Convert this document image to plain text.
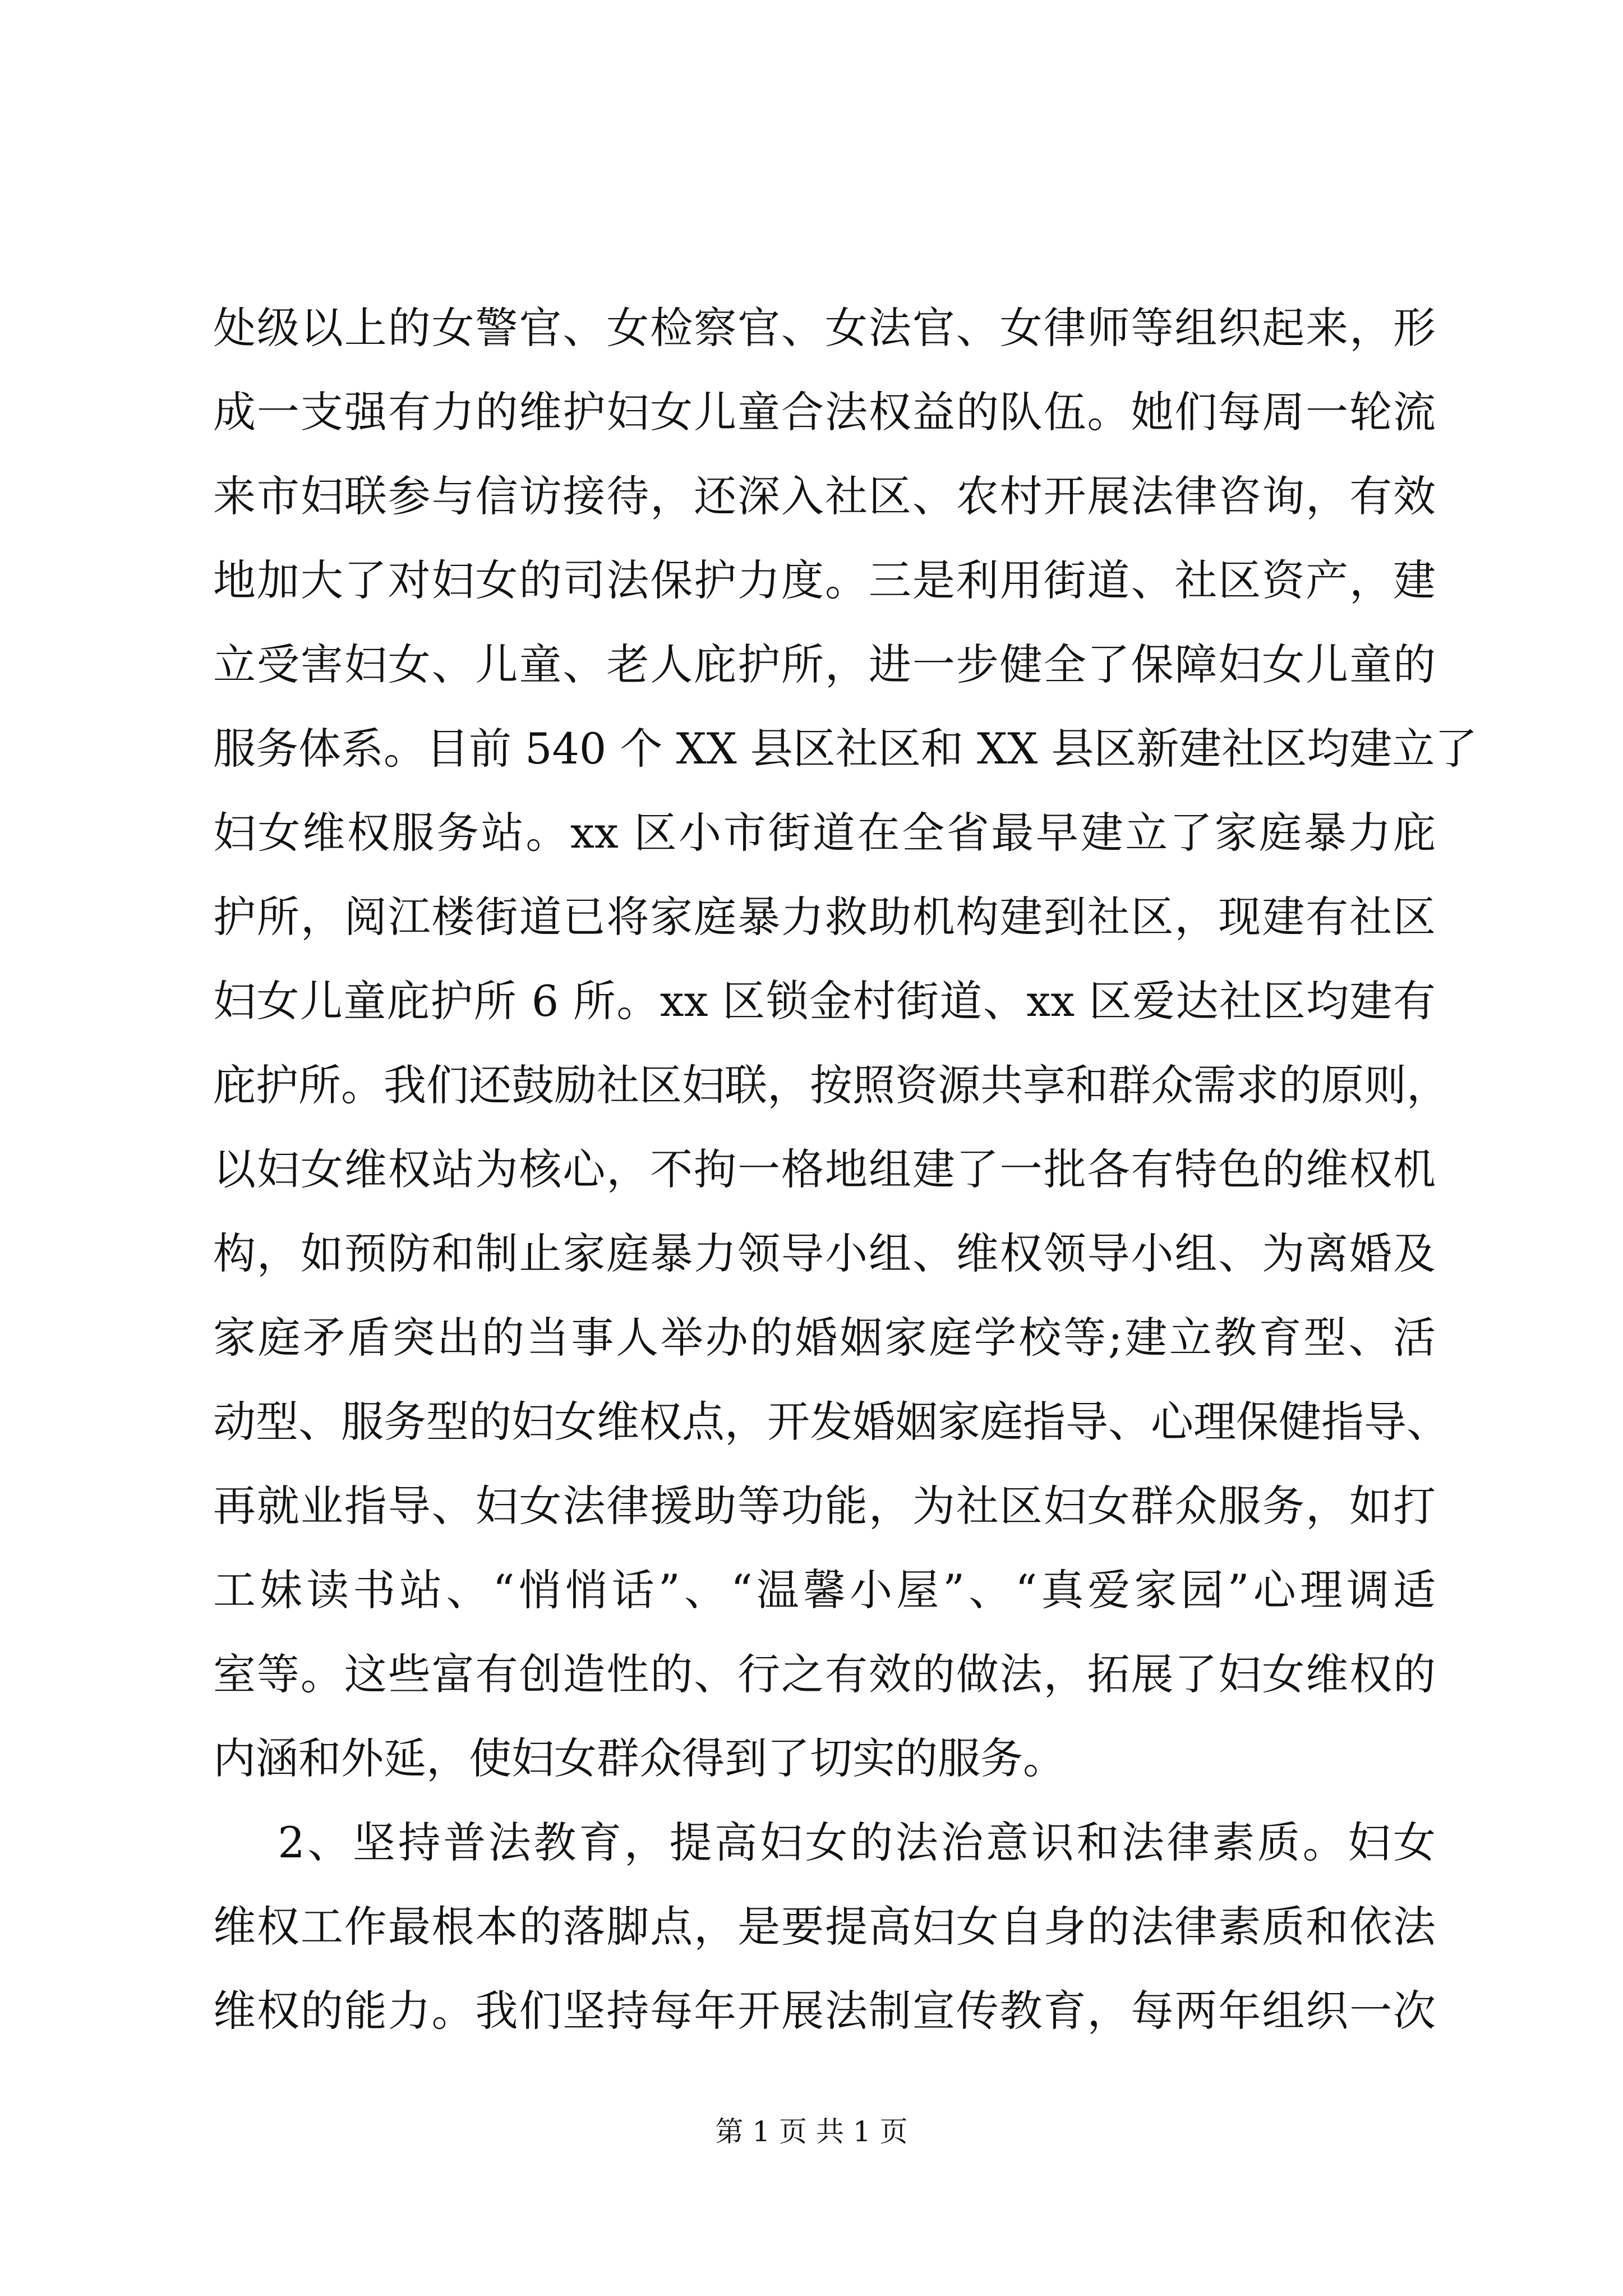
处级以上的女警官、女检察官、女法官、女律师等组织起来，形
成一支强有力的维护妇女儿童合法权益的队伍。她们每周一轮流
来市妇联参与信访接待，还深入社区、农村开展法律咨询，有效
地加大了对妇女的司法保护力度。三是利用街道、社区资产，建
立受害妇女、儿童、老人庇护所，进一步健全了保障妇女儿童的
服务体系。目前 540 个 XX 县区社区和 XX 县区新建社区均建立了
妇女维权服务站。xx 区小市街道在全省最早建立了家庭暴力庇
护所，阅江楼街道已将家庭暴力救助机构建到社区，现建有社区
妇女儿童庇护所 6 所。xx 区锁金村街道、xx 区爱达社区均建有
庇护所。我们还鼓励社区妇联，按照资源共享和群众需求的原则，
以妇女维权站为核心，不拘一格地组建了一批各有特色的维权机
构，如预防和制止家庭暴力领导小组、维权领导小组、为离婚及
家庭矛盾突出的当事人举办的婚姻家庭学校等;建立教育型、活
动型、服务型的妇女维权点，开发婚姻家庭指导、心理保健指导、
再就业指导、妇女法律援助等功能，为社区妇女群众服务，如打
工妹读书站、“悄悄话”、“温馨小屋”、“真爱家园”心理调适
室等。这些富有创造性的、行之有效的做法，拓展了妇女维权的
内涵和外延，使妇女群众得到了切实的服务。
2、坚持普法教育，提高妇女的法治意识和法律素质。妇女
维权工作最根本的落脚点，是要提高妇女自身的法律素质和依法
维权的能力。我们坚持每年开展法制宣传教育，每两年组织一次
第 1 页 共 1 页
